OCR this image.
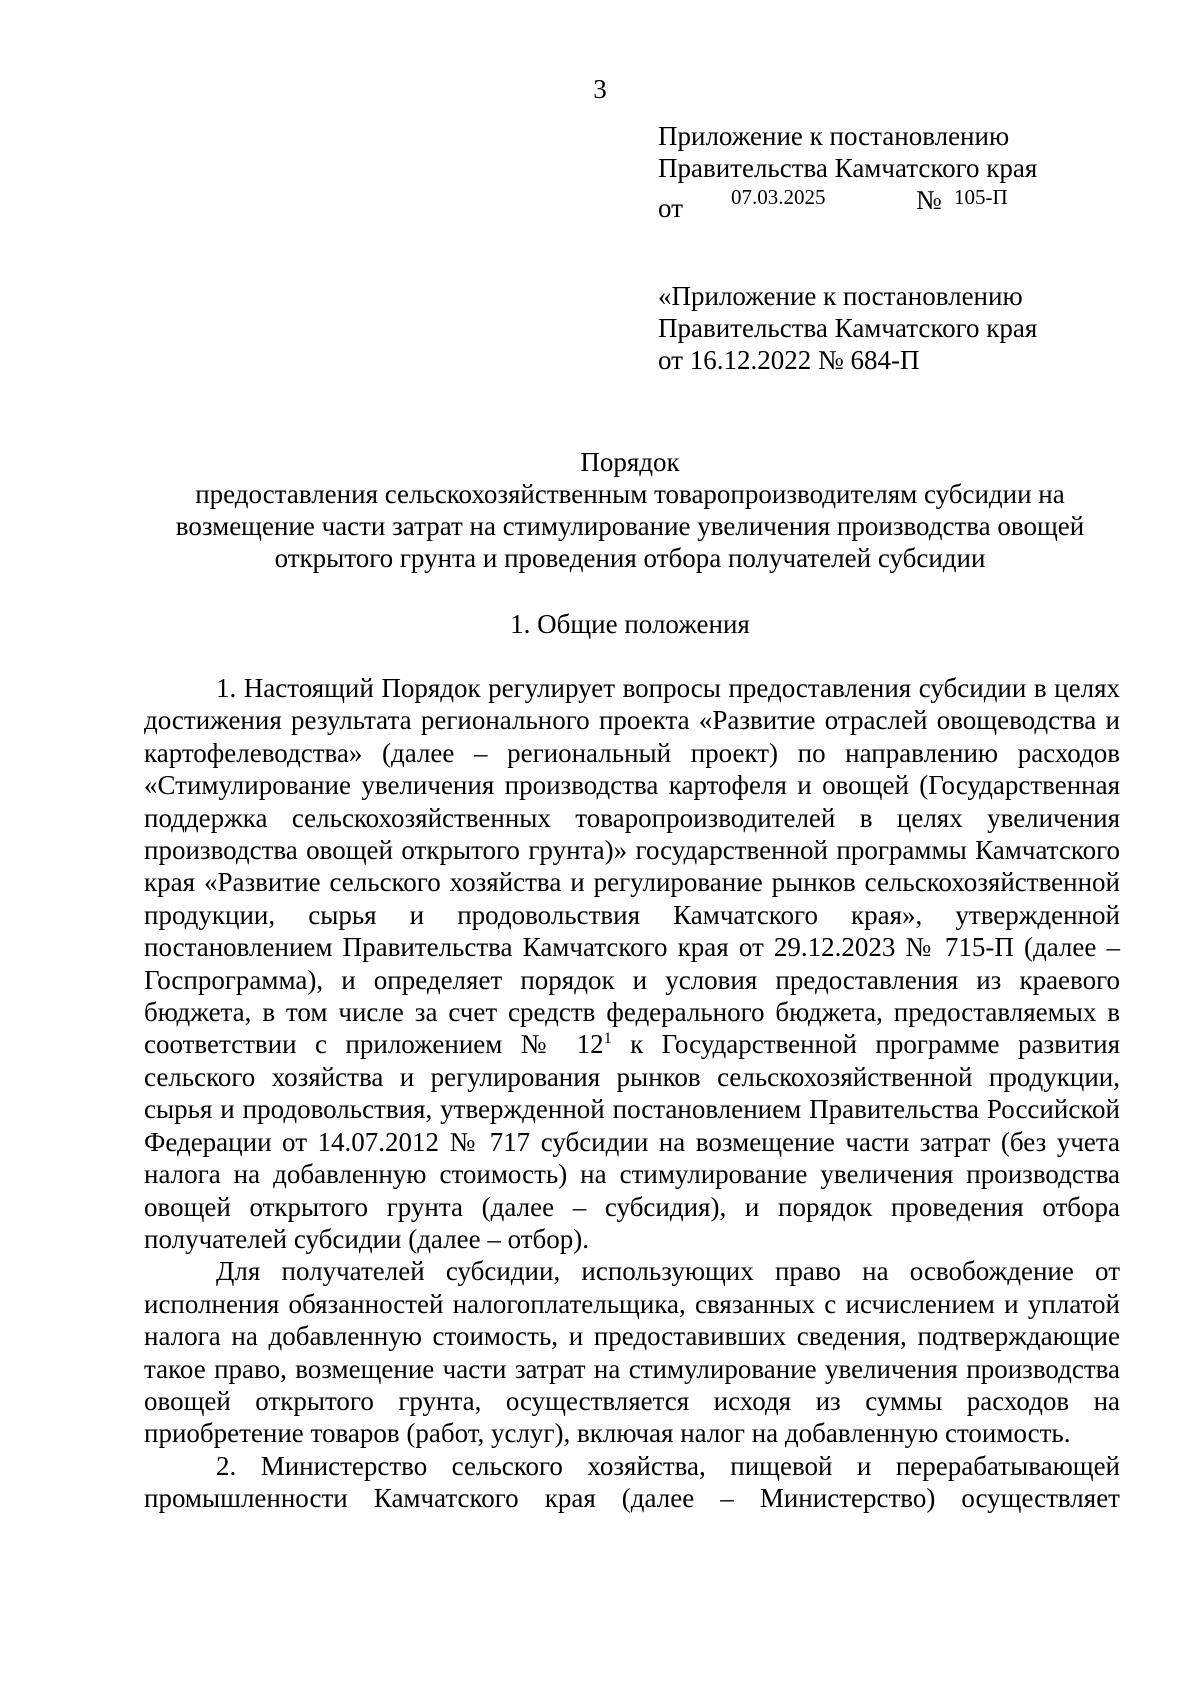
3
Приложение к постановлению
Правительства Камчатского края
от 07.03.2025	№ 105-П
«Приложение к постановлению
Правительства Камчатского края
от 16.12.2022 № 684-П
Порядок
предоставления сельскохозяйственным товаропроизводителям субсидии на
возмещение части затрат на стимулирование увеличения производства овощей
открытого грунта и проведения отбора получателей субсидии
1. Общие положения

1. Настоящий Порядок регулирует вопросы предоставления субсидии в целях достижения результата регионального проекта «Развитие отраслей овощеводства и картофелеводства» (далее – региональный проект) по направлению расходов «Стимулирование увеличения производства картофеля и овощей (Государственная поддержка сельскохозяйственных товаропроизводителей в целях увеличения производства овощей открытого грунта)» государственной программы Камчатского края «Развитие сельского хозяйства и регулирование рынков сельскохозяйственной продукции, сырья и продовольствия Камчатского края», утвержденной постановлением Правительства Камчатского края от 29.12.2023 № 715-П (далее – Госпрограмма), и определяет порядок и условия предоставления из краевого бюджета, в том числе за счет средств федерального бюджета, предоставляемых в соответствии с приложением № $12^1$ к Государственной программе развития сельского хозяйства и регулирования рынков сельскохозяйственной продукции, сырья и продовольствия, утвержденной постановлением Правительства Российской Федерации от 14.07.2012 № 717 субсидии на возмещение части затрат (без учета налога на добавленную стоимость) на стимулирование увеличения производства овощей открытого грунта (далее – субсидия), и порядок проведения отбора получателей субсидии (далее – отбор).

Для получателей субсидии, использующих право на освобождение от исполнения обязанностей налогоплательщика, связанных с исчислением и уплатой налога на добавленную стоимость, и предоставивших сведения, подтверждающие такое право, возмещение части затрат на стимулирование увеличения производства овощей открытого грунта, осуществляется исходя из суммы расходов на приобретение товаров (работ, услуг), включая налог на добавленную стоимость.

2. Министерство сельского хозяйства, пищевой и перерабатывающей промышленности Камчатского края (далее – Министерство) осуществляет
